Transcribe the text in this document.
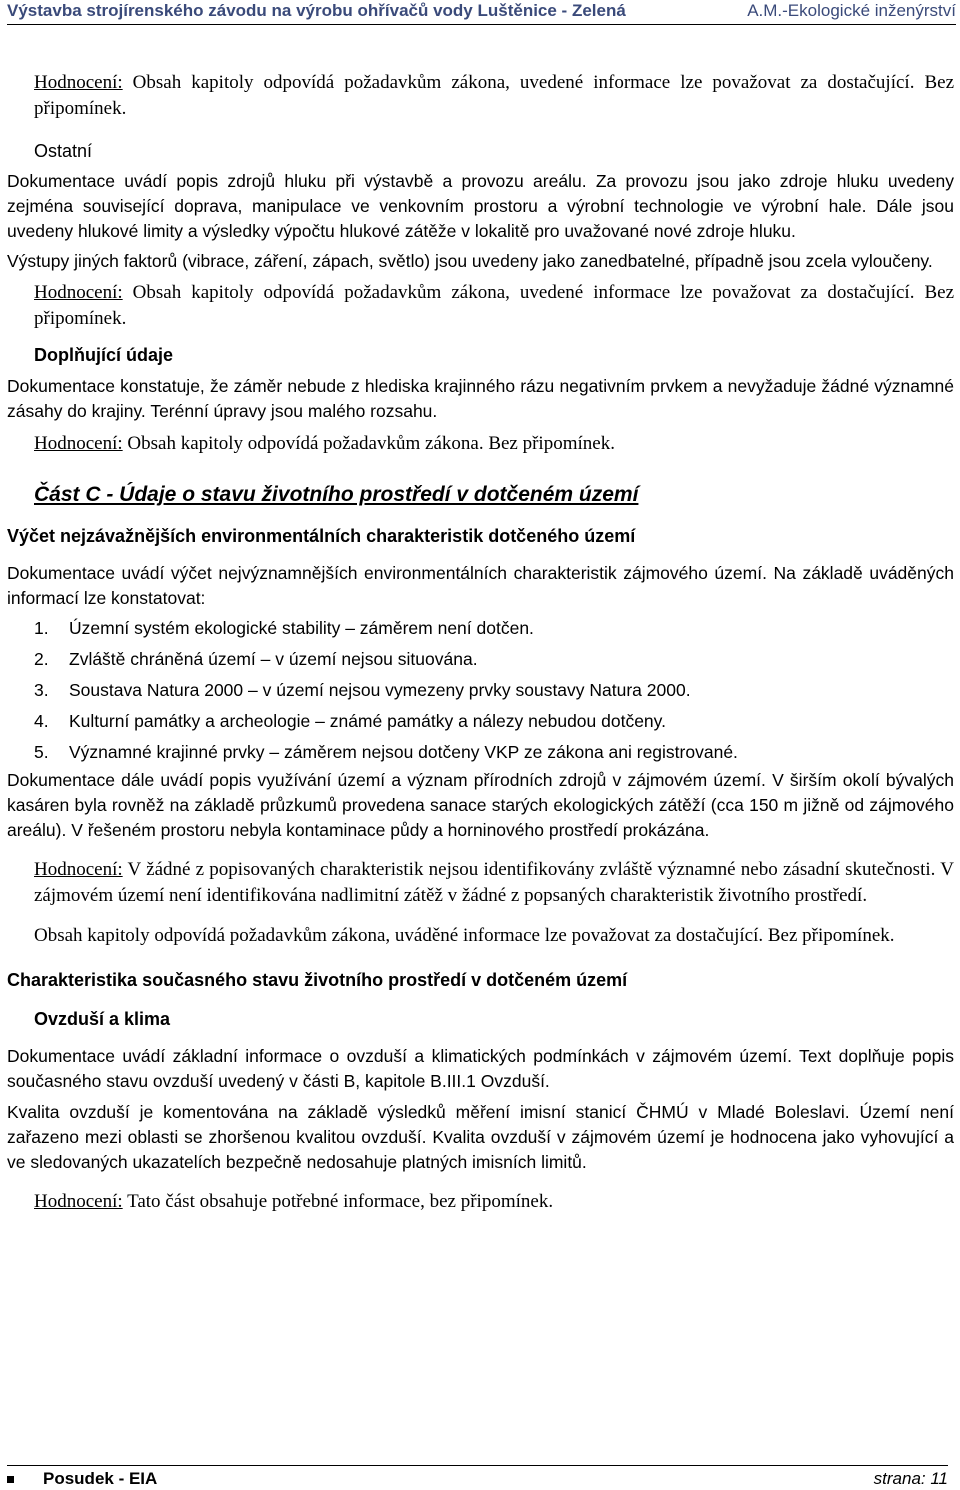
Výstavba strojírenského závodu na výrobu ohřívačů vody Luštěnice - Zelená	A.M.-Ekologické inženýrství

Hodnocení: Obsah kapitoly odpovídá požadavkům zákona, uvedené informace lze považovat za dostačující. Bez připomínek.

Ostatní

Dokumentace uvádí popis zdrojů hluku při výstavbě a provozu areálu. Za provozu jsou jako zdroje hluku uvedeny zejména související doprava, manipulace ve venkovním prostoru a výrobní technologie ve výrobní hale. Dále jsou uvedeny hlukové limity a výsledky výpočtu hlukové zátěže v lokalitě pro uvažované nové zdroje hluku.

Výstupy jiných faktorů (vibrace, záření, zápach, světlo) jsou uvedeny jako zanedbatelné, případně jsou zcela vyloučeny.

Hodnocení: Obsah kapitoly odpovídá požadavkům zákona, uvedené informace lze považovat za dostačující. Bez připomínek.

Doplňující údaje

Dokumentace konstatuje, že záměr nebude z hlediska krajinného rázu negativním prvkem a nevyžaduje žádné významné zásahy do krajiny. Terénní úpravy jsou malého rozsahu.

Hodnocení: Obsah kapitoly odpovídá požadavkům zákona. Bez připomínek.

Část C - Údaje o stavu životního prostředí v dotčeném území

Výčet nejzávažnějších environmentálních charakteristik dotčeného území

Dokumentace uvádí výčet nejvýznamnějších environmentálních charakteristik zájmového území. Na základě uváděných informací lze konstatovat:

1. Územní systém ekologické stability – záměrem není dotčen.
2. Zvláště chráněná území – v území nejsou situována.
3. Soustava Natura 2000 – v území nejsou vymezeny prvky soustavy Natura 2000.
4. Kulturní památky a archeologie – známé památky a nálezy nebudou dotčeny.
5. Významné krajinné prvky – záměrem nejsou dotčeny VKP ze zákona ani registrované.

Dokumentace dále uvádí popis využívání území a význam přírodních zdrojů v zájmovém území. V širším okolí bývalých kasáren byla rovněž na základě průzkumů provedena sanace starých ekologických zátěží (cca 150 m jižně od zájmového areálu). V řešeném prostoru nebyla kontaminace půdy a horninového prostředí prokázána.

Hodnocení: V žádné z popisovaných charakteristik nejsou identifikovány zvláště významné nebo zásadní skutečnosti. V zájmovém území není identifikována nadlimitní zátěž v žádné z popsaných charakteristik životního prostředí.

Obsah kapitoly odpovídá požadavkům zákona, uváděné informace lze považovat za dostačující. Bez připomínek.

Charakteristika současného stavu životního prostředí v dotčeném území

Ovzduší a klima

Dokumentace uvádí základní informace o ovzduší a klimatických podmínkách v zájmovém území. Text doplňuje popis současného stavu ovzduší uvedený v části B, kapitole B.III.1 Ovzduší.

Kvalita ovzduší je komentována na základě výsledků měření imisní stanicí ČHMÚ v Mladé Boleslavi. Území není zařazeno mezi oblasti se zhoršenou kvalitou ovzduší. Kvalita ovzduší v zájmovém území je hodnocena jako vyhovující a ve sledovaných ukazatelích bezpečně nedosahuje platných imisních limitů.

Hodnocení: Tato část obsahuje potřebné informace, bez připomínek.

Posudek - EIA	strana: 11
